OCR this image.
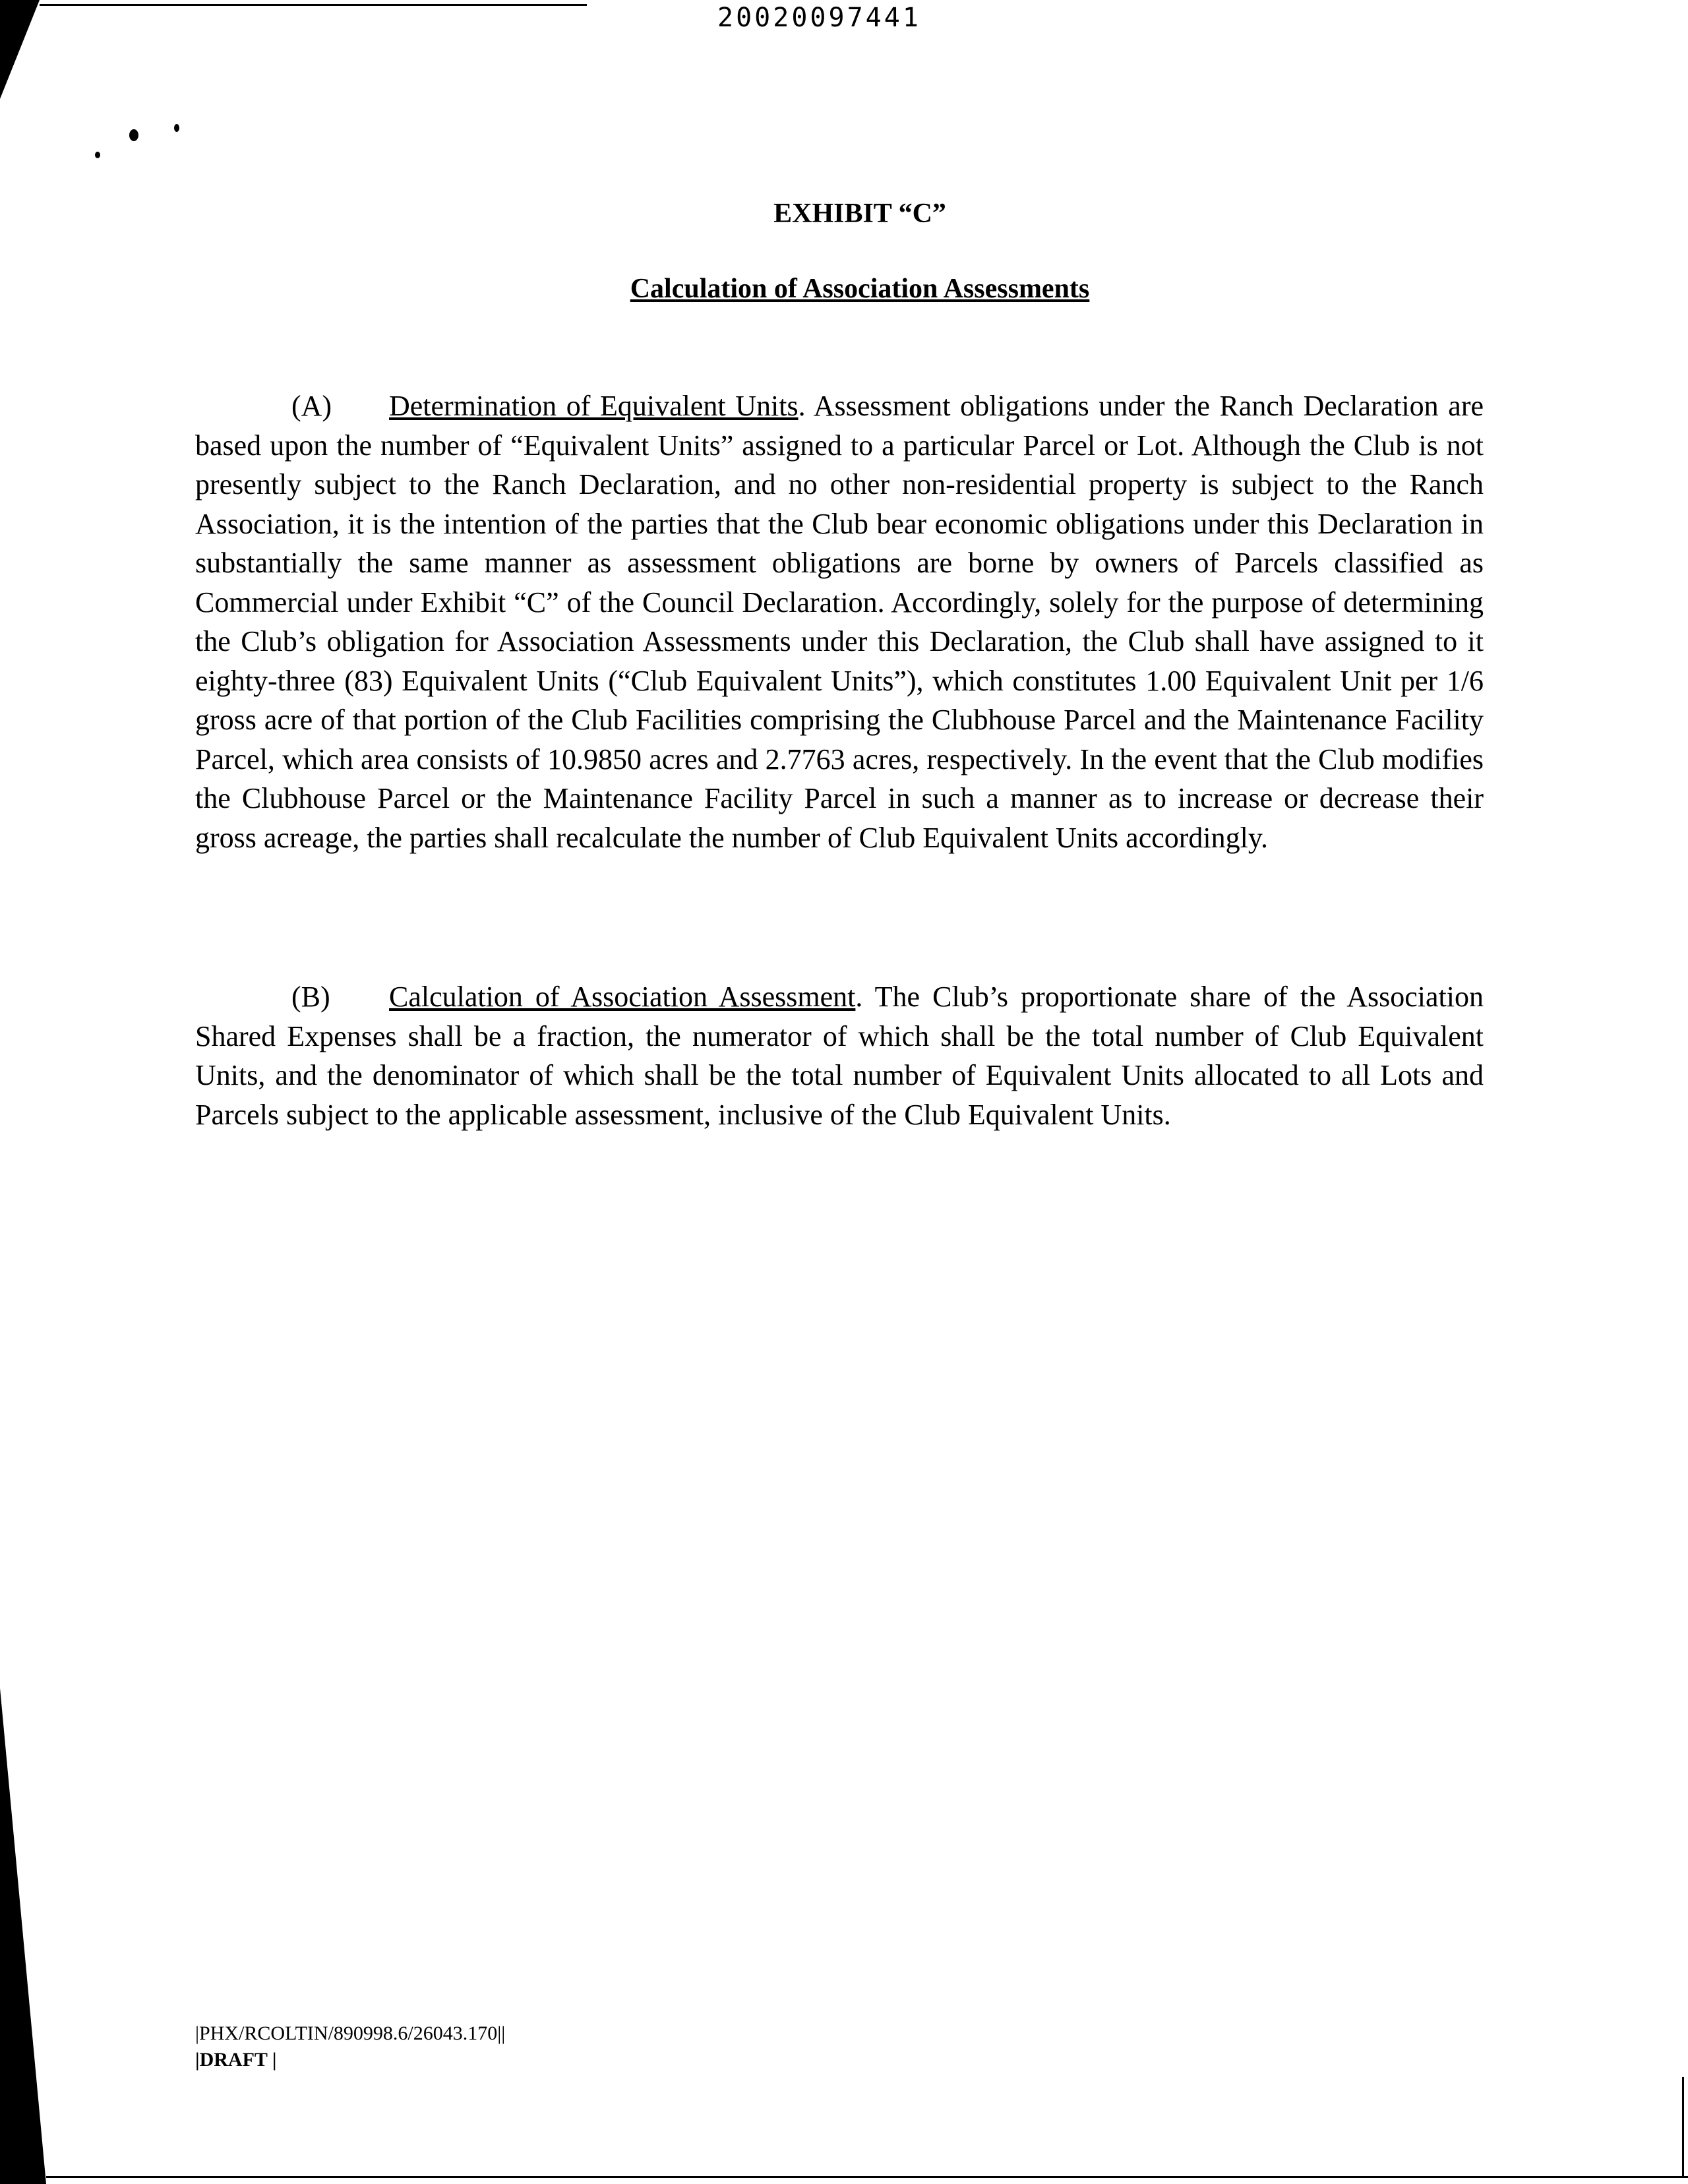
20020097441
EXHIBIT “C”
Calculation of Association Assessments

(A) Determination of Equivalent Units. Assessment obligations under the Ranch Declaration are based upon the number of “Equivalent Units” assigned to a particular Parcel or Lot. Although the Club is not presently subject to the Ranch Declaration, and no other non-residential property is subject to the Ranch Association, it is the intention of the parties that the Club bear economic obligations under this Declaration in substantially the same manner as assessment obligations are borne by owners of Parcels classified as Commercial under Exhibit “C” of the Council Declaration. Accordingly, solely for the purpose of determining the Club’s obligation for Association Assessments under this Declaration, the Club shall have assigned to it eighty-three (83) Equivalent Units (“Club Equivalent Units”), which constitutes 1.00 Equivalent Unit per 1/6 gross acre of that portion of the Club Facilities comprising the Clubhouse Parcel and the Maintenance Facility Parcel, which area consists of 10.9850 acres and 2.7763 acres, respectively. In the event that the Club modifies the Clubhouse Parcel or the Maintenance Facility Parcel in such a manner as to increase or decrease their gross acreage, the parties shall recalculate the number of Club Equivalent Units accordingly.

(B) Calculation of Association Assessment. The Club’s proportionate share of the Association Shared Expenses shall be a fraction, the numerator of which shall be the total number of Club Equivalent Units, and the denominator of which shall be the total number of Equivalent Units allocated to all Lots and Parcels subject to the applicable assessment, inclusive of the Club Equivalent Units.

|PHX/RCOLTIN/890998.6/26043.170||
|DRAFT |
